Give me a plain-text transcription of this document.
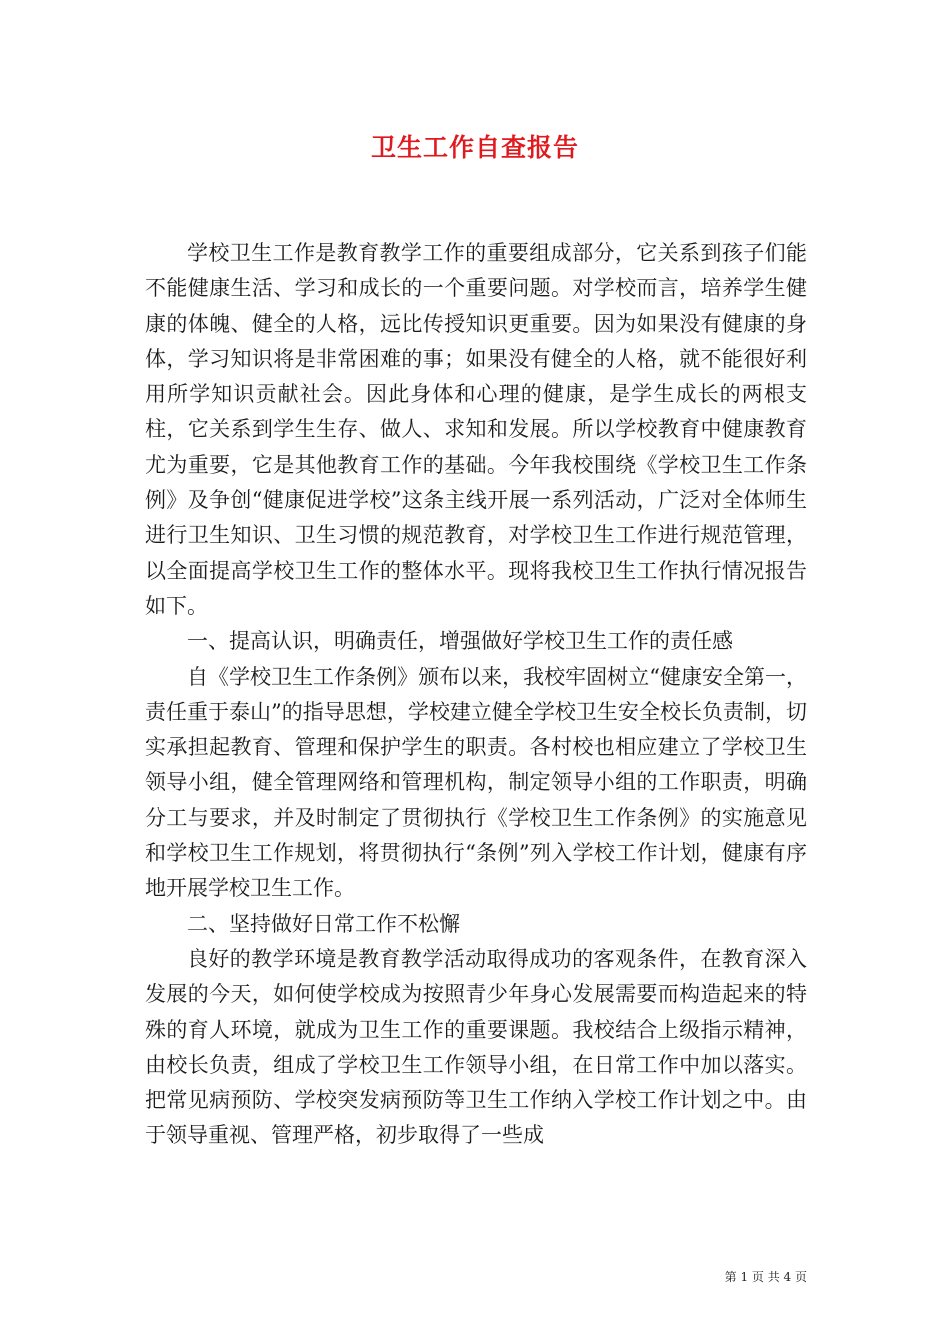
卫生工作自查报告

学校卫生工作是教育教学工作的重要组成部分，它关系到孩子们能不能健康生活、学习和成长的一个重要问题。对学校而言，培养学生健康的体魄、健全的人格，远比传授知识更重要。因为如果没有健康的身体，学习知识将是非常困难的事；如果没有健全的人格，就不能很好利用所学知识贡献社会。因此身体和心理的健康，是学生成长的两根支柱，它关系到学生生存、做人、求知和发展。所以学校教育中健康教育尤为重要，它是其他教育工作的基础。今年我校围绕《学校卫生工作条例》及争创“健康促进学校”这条主线开展一系列活动，广泛对全体师生进行卫生知识、卫生习惯的规范教育，对学校卫生工作进行规范管理，以全面提高学校卫生工作的整体水平。现将我校卫生工作执行情况报告如下。

一、提高认识，明确责任，增强做好学校卫生工作的责任感

自《学校卫生工作条例》颁布以来，我校牢固树立“健康安全第一，责任重于泰山”的指导思想，学校建立健全学校卫生安全校长负责制，切实承担起教育、管理和保护学生的职责。各村校也相应建立了学校卫生领导小组，健全管理网络和管理机构，制定领导小组的工作职责，明确分工与要求，并及时制定了贯彻执行《学校卫生工作条例》的实施意见和学校卫生工作规划，将贯彻执行“条例”列入学校工作计划，健康有序地开展学校卫生工作。

二、坚持做好日常工作不松懈

良好的教学环境是教育教学活动取得成功的客观条件，在教育深入发展的今天，如何使学校成为按照青少年身心发展需要而构造起来的特殊的育人环境，就成为卫生工作的重要课题。我校结合上级指示精神，由校长负责，组成了学校卫生工作领导小组，在日常工作中加以落实。把常见病预防、学校突发病预防等卫生工作纳入学校工作计划之中。由于领导重视、管理严格，初步取得了一些成

第 1 页 共 4 页
